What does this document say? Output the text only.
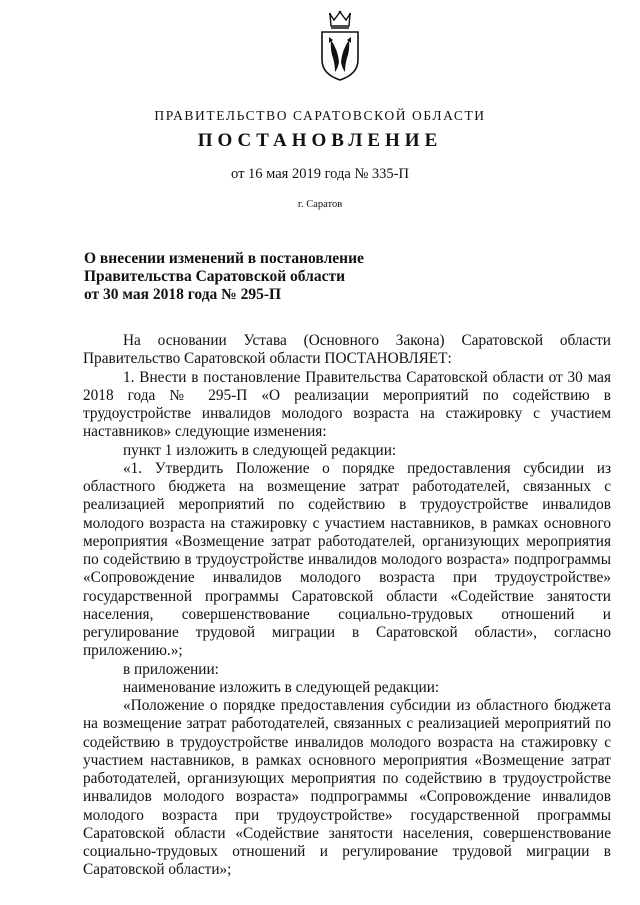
ПРАВИТЕЛЬСТВО САРАТОВСКОЙ ОБЛАСТИ
ПОСТАНОВЛЕНИЕ
от 16 мая 2019 года № 335-П
г. Саратов
О внесении изменений в постановление
Правительства Саратовской области
от 30 мая 2018 года № 295-П

На основании Устава (Основного Закона) Саратовской области Правительство Саратовской области ПОСТАНОВЛЯЕТ:

1. Внести в постановление Правительства Саратовской области от 30 мая 2018 года № 295-П «О реализации мероприятий по содействию в трудоустройстве инвалидов молодого возраста на стажировку с участием наставников» следующие изменения:

пункт 1 изложить в следующей редакции:

«1. Утвердить Положение о порядке предоставления субсидии из областного бюджета на возмещение затрат работодателей, связанных с реализацией мероприятий по содействию в трудоустройстве инвалидов молодого возраста на стажировку с участием наставников, в рамках основного мероприятия «Возмещение затрат работодателей, организующих мероприятия по содействию в трудоустройстве инвалидов молодого возраста» подпрограммы «Сопровождение инвалидов молодого возраста при трудоустройстве» государственной программы Саратовской области «Содействие занятости населения, совершенствование социально-трудовых отношений и регулирование трудовой миграции в Саратовской области», согласно приложению.»;

в приложении:

наименование изложить в следующей редакции:

«Положение о порядке предоставления субсидии из областного бюджета на возмещение затрат работодателей, связанных с реализацией мероприятий по содействию в трудоустройстве инвалидов молодого возраста на стажировку с участием наставников, в рамках основного мероприятия «Возмещение затрат работодателей, организующих мероприятия по содействию в трудоустройстве инвалидов молодого возраста» подпрограммы «Сопровождение инвалидов молодого возраста при трудоустройстве» государственной программы Саратовской области «Содействие занятости населения, совершенствование социально-трудовых отношений и регулирование трудовой миграции в Саратовской области»;
